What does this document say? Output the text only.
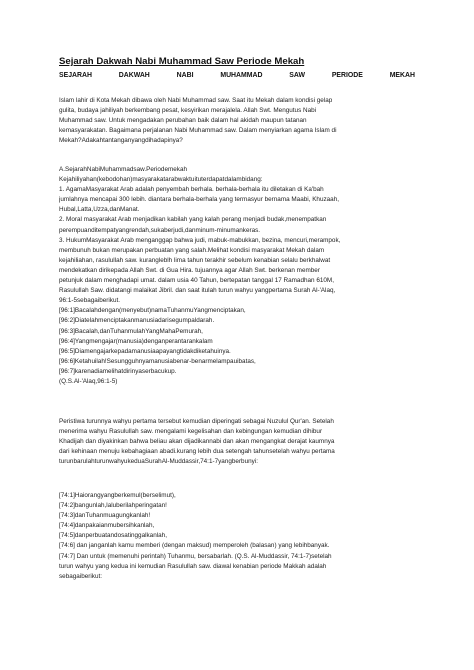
Sejarah Dakwah Nabi Muhammad Saw Periode Mekah
SEJARAH	DAKWAH	NABI	MUHAMMAD	SAW	PERIODE	MEKAH
Islam lahir di Kota Mekah dibawa oleh Nabi Muhammad saw. Saat itu Mekah dalam kondisi gelap
gulita, budaya jahiliyah berkembang pesat, kesyirikan merajalela. Allah Swt. Mengutus Nabi
Muhammad saw. Untuk mengadakan perubahan baik dalam hal akidah maupun tatanan
kemasyarakatan. Bagaimana perjalanan Nabi Muhammad saw. Dalam menyiarkan agama Islam di
Mekah?Adakahtantanganyangdihadapinya?
A.SejarahNabiMuhammadsaw.Periodemekah
Kejahiliyahan(kebodohan)masyarakatarabwaktuituterdapatdalambidang:
1. AgamaMasyarakat Arab adalah penyembah berhala. berhala-berhala itu diletakan di Ka'bah
jumlahnya mencapai 300 lebih. diantara berhala-berhala yang termasyur bernama Maabi, Khuzaah,
Hubal,Latta,Uzza,danManat.
2. Moral masyarakat Arab menjadikan kabilah yang kalah perang menjadi budak,menempatkan
perempuanditempatyangrendah,sukaberjudi,danminum-minumankeras.
3. HukumMasyarakat Arab menganggap bahwa judi, mabuk-mabukkan, bezina, mencuri,merampok,
membunuh bukan merupakan perbuatan yang salah.Melihat kondisi masyarakat Mekah dalam
kejahiliahan, rasulullah saw. kurangleblh lima tahun terakhir sebelum kenabian selalu berkhalwat
mendekatkan dirikepada Allah Swt. di Gua Hira. tujuannya agar Allah Swt. berkenan member
petunjuk dalam menghadapi umat. dalam usia 40 Tahun, bertepatan tanggal 17 Ramadhan 610M,
Rasulullah Saw. didatangi malaikat Jibril. dan saat itulah turun wahyu yangpertama Surah Al-'Alaq,
96:1-5sebagaiberikut.
[96:1]Bacalahdengan(menyebut)namaTuhanmuYangmenciptakan,
[96:2]Diatelahmenciptakanmanusiadarisegumpaldarah.
[96:3]Bacalah,danTuhanmulahYangMahaPemurah,
[96:4]Yangmengajar(manusia)denganperantarankalam
[96:5]Diamengajarkepadamanusiaapayangtidakdiketahuinya.
[96:6]Ketahuilah!Sesungguhnyamanusiabenar-benarmelampauibatas,
[96:7]karenadiamelihatdirinyaserbacukup.
(Q.S.Al-'Alaq,96:1-5)
Peristiwa turunnya wahyu pertama tersebut kemudian diperingati sebagai Nuzulul Qur'an. Setelah
menerima wahyu Rasulullah saw. mengalami kegelisahan dan kebingungan kemudian dihibur
Khadijah dan diyakinkan bahwa beliau akan dijadikannabi dan akan mengangkat derajat kaumnya
dari kehinaan menuju kebahagiaan abadi.kurang lebih dua setengah tahunsetelah wahyu pertama
turunbarulahturunwahyukeduaSurahAl-Muddassir,74:1-7yangberbunyi:
[74:1]Haiorangyangberkemul(berselimut),
[74:2]bangunlah,laluberilahperingatan!
[74:3]danTuhanmuagungkanlah!
[74:4]danpakaianmubersihkanlah,
[74:5]danperbuatandosatinggalkanlah,
[74:6] dan janganlah kamu memberi (dengan maksud) memperoleh (balasan) yang lebihbanyak.
[74:7] Dan untuk (memenuhi perintah) Tuhanmu, bersabarlah. (Q.S. Al-Muddassir, 74:1-7)setelah
turun wahyu yang kedua ini kemudian Rasulullah saw. diawal kenabian periode Makkah adalah
sebagaiberikut:
